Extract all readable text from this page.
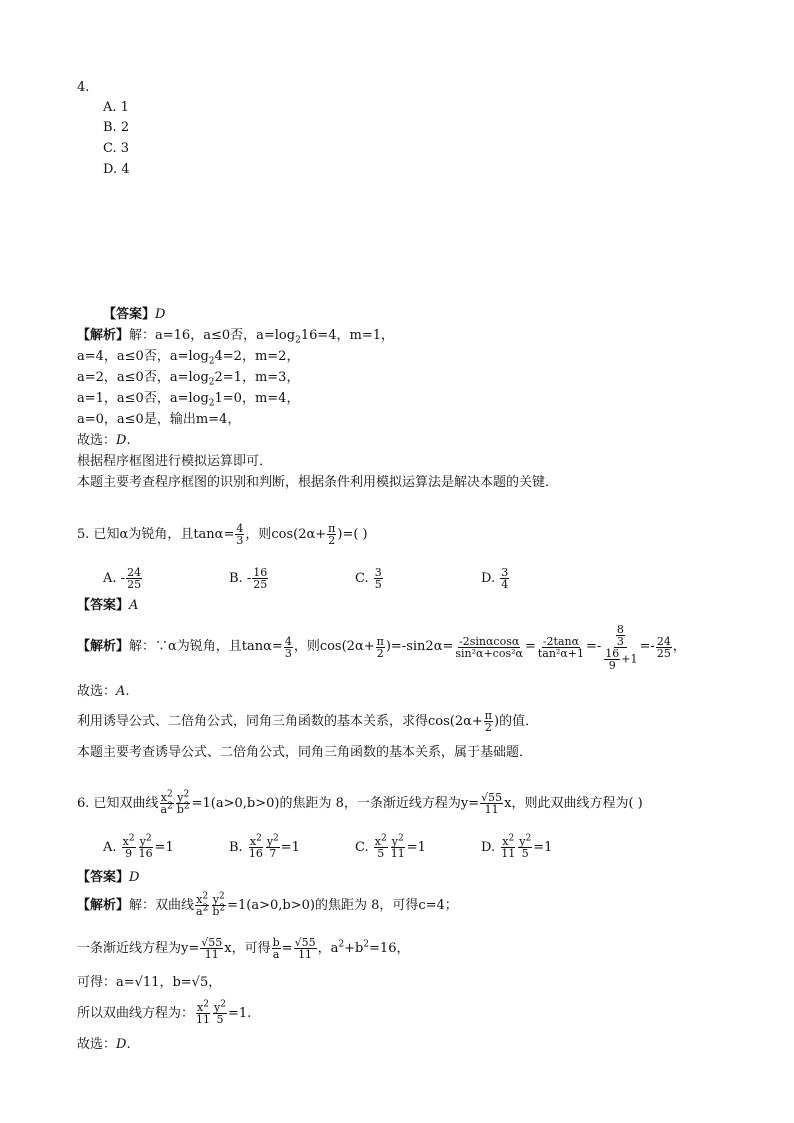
4.
A. 1
B. 2
C. 3
D. 4
【答案】D
【解析】解：a=16，a≤0否，$a=\log_216=4$，m=1，
a=4，a≤0否，$a=\log_24=2$，m=2，
a=2，a≤0否，$a=\log_22=1$，m=3，
a=1，a≤0否，$a=\log_21=0$，m=4，
a=0，a≤0是，输出m=4，
故选：D.
根据程序框图进行模拟运算即可．
本题主要考查程序框图的识别和判断，根据条件利用模拟运算法是解决本题的关键．
5. 已知α为锐角，且$\tan\alpha= \frac{4}{3}$ ，则$\cos(2\alpha+ \frac{\pi}{2}$ )=( )
A. - $\frac{24}{25}$	B. - $\frac{16}{25}$	C. $\frac{3}{5}$	D. $\frac{3}{4}$
【答案】A
【解析】 解：∵α为锐角，且$\tan\alpha= \frac{4}{3}$ ，则$\cos(2\alpha+ \frac{\pi}{2} )=-\sin 2\alpha= \frac{-2\sin\alpha\cos\alpha}{\text{sin²α+cos²α}} = \frac{-2\tan\alpha}{\text{tan²α+1}}$ = - $\frac{\frac{8}{3}}{\frac{16}{9} +1}$ = - $\frac{24}{25}$ ，
故选：A.
利用诱导公式、二倍角公式，同角三角函数的基本关系，求得$\cos(2\alpha+ \frac{\pi}{2}$ )的值．
本题主要考查诱导公式、二倍角公式，同角三角函数的基本关系，属于基础题．
6. 已知双曲线 $\frac{x^2}{a^2} \frac{y^2}{b^2} =1(a>0,b>0)$的焦距为 8，一条渐近线方程为$y= \frac{√55}{11}$ x，则此双曲线方程为( )
A. $\frac{x^2}{9} \frac{y^2}{16} =1$	B. $\frac{x^2}{16} \frac{y^2}{7} =1$	C. $\frac{x^2}{5} \frac{y^2}{11} =1$	D. $\frac{x^2}{11} \frac{y^2}{5} =1$
【答案】D
【解析】解：双曲线 $\frac{x^2}{a^2} \frac{y^2}{b^2} =1(a>0,b>0)$的焦距为 8，可得c=4；
一条渐近线方程为$y= \frac{√55}{11}$ x，可得 $\frac{b}{a} = \frac{√55}{11}$ ，$a^2+b^2=16$，
可得：a=√11，b=√5，
所以双曲线方程为： $\frac{x^2}{11} \frac{y^2}{5} =1$.
故选：D.
